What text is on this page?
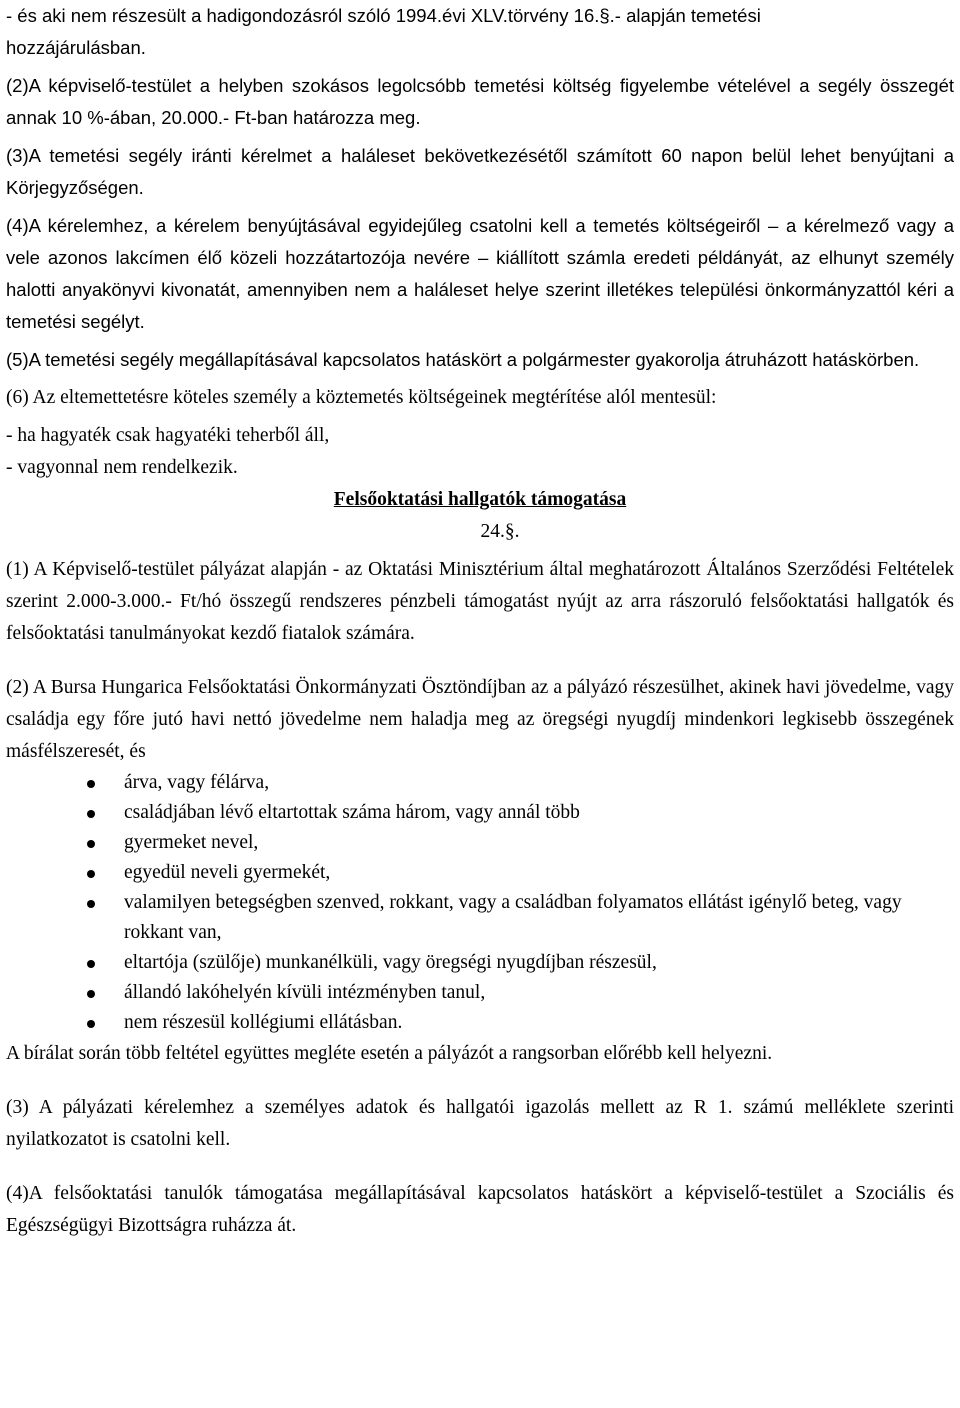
- és aki nem részesült a hadigondozásról szóló 1994.évi XLV.törvény 16.§.- alapján temetési

hozzájárulásban.

(2)A képviselő-testület a helyben szokásos legolcsóbb temetési költség figyelembe vételével a segély összegét annak 10 %-ában, 20.000.- Ft-ban határozza meg.

(3)A temetési segély iránti kérelmet a haláleset bekövetkezésétől számított 60 napon belül lehet benyújtani a Körjegyzőségen.

(4)A kérelemhez, a kérelem benyújtásával egyidejűleg csatolni kell a temetés költségeiről – a kérelmező vagy a vele azonos lakcímen élő közeli hozzátartozója nevére – kiállított számla eredeti példányát, az elhunyt személy halotti anyakönyvi kivonatát, amennyiben nem a haláleset helye szerint illetékes települési önkormányzattól kéri a temetési segélyt.

(5)A temetési segély megállapításával kapcsolatos hatáskört a polgármester gyakorolja átruházott hatáskörben.

(6) Az eltemettetésre köteles személy a köztemetés költségeinek megtérítése alól mentesül:

- ha hagyaték csak hagyatéki teherből áll,

- vagyonnal nem rendelkezik.

Felsőoktatási hallgatók támogatása

24.§.

(1) A Képviselő-testület pályázat alapján - az Oktatási Minisztérium által meghatározott Általános Szerződési Feltételek szerint 2.000-3.000.- Ft/hó összegű rendszeres pénzbeli támogatást nyújt az arra rászoruló felsőoktatási hallgatók és felsőoktatási tanulmányokat kezdő fiatalok számára.

(2) A Bursa Hungarica Felsőoktatási Önkormányzati Ösztöndíjban az a pályázó részesülhet, akinek havi jövedelme, vagy családja egy főre jutó havi nettó jövedelme nem haladja meg az öregségi nyugdíj mindenkori legkisebb összegének másfélszeresét, és

árva, vagy félárva,
családjában lévő eltartottak száma három, vagy annál több
gyermeket nevel,
egyedül neveli gyermekét,
valamilyen betegségben szenved, rokkant, vagy a családban folyamatos ellátást igénylő beteg, vagy rokkant van,
eltartója (szülője) munkanélküli, vagy öregségi nyugdíjban részesül,
állandó lakóhelyén kívüli intézményben tanul,
nem részesül kollégiumi ellátásban.

A bírálat során több feltétel együttes megléte esetén a pályázót a rangsorban előrébb kell helyezni.

(3) A pályázati kérelemhez a személyes adatok és hallgatói igazolás mellett az R 1. számú melléklete szerinti nyilatkozatot is csatolni kell.

(4)A felsőoktatási tanulók támogatása megállapításával kapcsolatos hatáskört a képviselő-testület a Szociális és Egészségügyi Bizottságra ruházza át.
